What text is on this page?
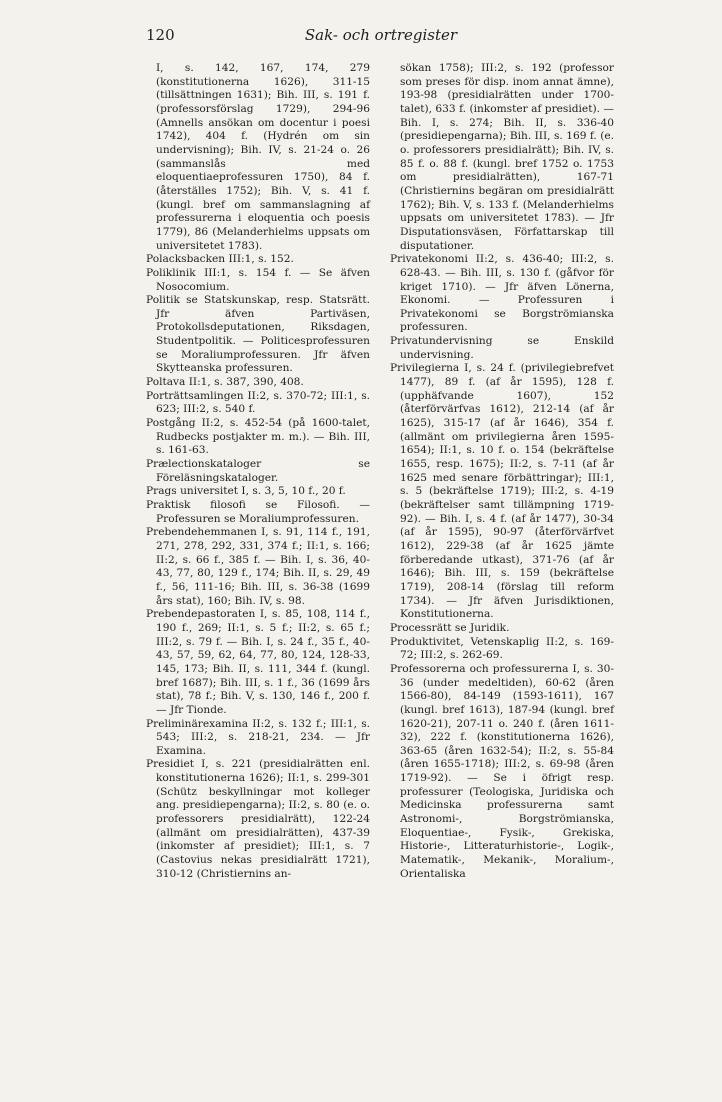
120	Sak- och ortregister

I, s. 142, 167, 174, 279 (konstitutionerna 1626), 311-15 (tillsättningen 1631); Bih. III, s. 191 f. (professorsförslag 1729), 294-96 (Amnells ansökan om docentur i poesi 1742), 404 f. (Hydrén om sin undervisning); Bih. IV, s. 21-24 o. 26 (sammanslås med eloquentiaeprofessuren 1750), 84 f. (återställes 1752); Bih. V, s. 41 f. (kungl. bref om sammanslagning af professurerna i eloquentia och poesis 1779), 86 (Melanderhielms uppsats om universitetet 1783).

Polacksbacken III:1, s. 152.

Poliklinik III:1, s. 154 f. — Se äfven Nosocomium.

Politik se Statskunskap, resp. Statsrätt. Jfr äfven Partiväsen, Protokollsdeputationen, Riksdagen, Studentpolitik. — Politicesprofessuren se Moraliumprofessuren. Jfr äfven Skytteanska professuren.

Poltava II:1, s. 387, 390, 408.

Porträttsamlingen II:2, s. 370-72; III:1, s. 623; III:2, s. 540 f.

Postgång II:2, s. 452-54 (på 1600-talet, Rudbecks postjakter m. m.). — Bih. III, s. 161-63.

Prælectionskataloger se Föreläsningskataloger.

Prags universitet I, s. 3, 5, 10 f., 20 f.

Praktisk filosofi se Filosofi. — Professuren se Moraliumprofessuren.

Prebendehemmanen I, s. 91, 114 f., 191, 271, 278, 292, 331, 374 f.; II:1, s. 166; II:2, s. 66 f., 385 f. — Bih. I, s. 36, 40-43, 77, 80, 129 f., 174; Bih. II, s. 29, 49 f., 56, 111-16; Bih. III, s. 36-38 (1699 års stat), 160; Bih. IV, s. 98.

Prebendepastoraten I, s. 85, 108, 114 f., 190 f., 269; II:1, s. 5 f.; II:2, s. 65 f.; III:2, s. 79 f. — Bih. I, s. 24 f., 35 f., 40-43, 57, 59, 62, 64, 77, 80, 124, 128-33, 145, 173; Bih. II, s. 111, 344 f. (kungl. bref 1687); Bih. III, s. 1 f., 36 (1699 års stat), 78 f.; Bih. V, s. 130, 146 f., 200 f. — Jfr Tionde.

Preliminärexamina II:2, s. 132 f.; III:1, s. 543; III:2, s. 218-21, 234. — Jfr Examina.

Presidiet I, s. 221 (presidialrätten enl. konstitutionerna 1626); II:1, s. 299-301 (Schütz beskyllningar mot kolleger ang. presidiepengarna); II:2, s. 80 (e. o. professorers presidialrätt), 122-24 (allmänt om presidialrätten), 437-39 (inkomster af presidiet); III:1, s. 7 (Castovius nekas presidialrätt 1721), 310-12 (Christiernins an-

sökan 1758); III:2, s. 192 (professor som preses för disp. inom annat ämne), 193-98 (presidialrätten under 1700-talet), 633 f. (inkomster af presidiet). — Bih. I, s. 274; Bih. II, s. 336-40 (presidiepengarna); Bih. III, s. 169 f. (e. o. professorers presidialrätt); Bih. IV, s. 85 f. o. 88 f. (kungl. bref 1752 o. 1753 om presidialrätten), 167-71 (Christiernins begäran om presidialrätt 1762); Bih. V, s. 133 f. (Melanderhielms uppsats om universitetet 1783). — Jfr Disputationsväsen, Författarskap till disputationer.

Privatekonomi II:2, s. 436-40; III:2, s. 628-43. — Bih. III, s. 130 f. (gåfvor för kriget 1710). — Jfr äfven Lönerna, Ekonomi. — Professuren i Privatekonomi se Borgströmianska professuren.

Privatundervisning se Enskild undervisning.

Privilegierna I, s. 24 f. (privilegiebrefvet 1477), 89 f. (af år 1595), 128 f. (upphäfvande 1607), 152 (återförvärfvas 1612), 212-14 (af år 1625), 315-17 (af år 1646), 354 f. (allmänt om privilegierna åren 1595-1654); II:1, s. 10 f. o. 154 (bekräftelse 1655, resp. 1675); II:2, s. 7-11 (af år 1625 med senare förbättringar); III:1, s. 5 (bekräftelse 1719); III:2, s. 4-19 (bekräftelser samt tillämpning 1719-92). — Bih. I, s. 4 f. (af år 1477), 30-34 (af år 1595), 90-97 (återförvärfvet 1612), 229-38 (af år 1625 jämte förberedande utkast), 371-76 (af år 1646); Bih. III, s. 159 (bekräftelse 1719), 208-14 (förslag till reform 1734). — Jfr äfven Jurisdiktionen, Konstitutionerna.

Processrätt se Juridik.

Produktivitet, Vetenskaplig II:2, s. 169-72; III:2, s. 262-69.

Professorerna och professurerna I, s. 30-36 (under medeltiden), 60-62 (åren 1566-80), 84-149 (1593-1611), 167 (kungl. bref 1613), 187-94 (kungl. bref 1620-21), 207-11 o. 240 f. (åren 1611-32), 222 f. (konstitutionerna 1626), 363-65 (åren 1632-54); II:2, s. 55-84 (åren 1655-1718); III:2, s. 69-98 (åren 1719-92). — Se i öfrigt resp. professurer (Teologiska, Juridiska och Medicinska professurerna samt Astronomi-, Borgströmianska, Eloquentiae-, Fysik-, Grekiska, Historie-, Litteraturhistorie-, Logik-, Matematik-, Mekanik-, Moralium-, Orientaliska
